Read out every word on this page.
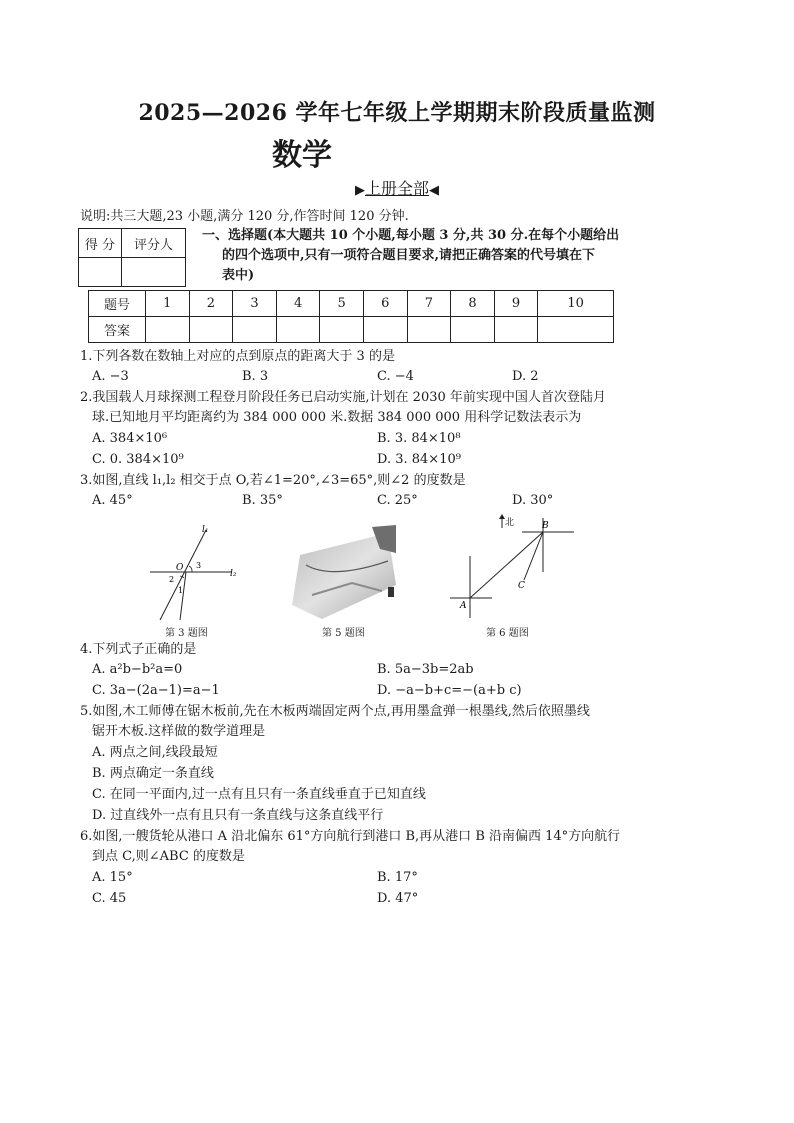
2025—2026 学年七年级上学期期末阶段质量监测
数学
▶上册全部◀
说明:共三大题,23 小题,满分 120 分,作答时间 120 分钟.
得 分	评分人

一、选择题(本大题共 10 个小题,每小题 3 分,共 30 分.在每个小题给出
的四个选项中,只有一项符合题目要求,请把正确答案的代号填在下
表中)
题号	1	2	3	4	5	6	7	8	9	10
答案										
1.下列各数在数轴上对应的点到原点的距离大于 3 的是
A. −3	B. 3	C. −4	D. 2
2.我国载人月球探测工程登月阶段任务已启动实施,计划在 2030 年前实现中国人首次登陆月
球.已知地月平均距离约为 384 000 000 米.数据 384 000 000 用科学记数法表示为
A. 384×10⁶	B. 3. 84×10⁸
C. 0. 384×10⁹	D. 3. 84×10⁹
3.如图,直线 l₁,l₂ 相交于点 O,若∠1=20°,∠3=65°,则∠2 的度数是
A. 45°	B. 35°	C. 25°	D. 30°
l₁
l₂
O 3
2
1
第 3 题图	第 5 题图
北	B
C
A
第 6 题图
4.下列式子正确的是
A. a²b−b²a=0	B. 5a−3b=2ab
C. 3a−(2a−1)=a−1	D. −a−b+c=−(a+b c)
5.如图,木工师傅在锯木板前,先在木板两端固定两个点,再用墨盒弹一根墨线,然后依照墨线
锯开木板.这样做的数学道理是
A. 两点之间,线段最短
B. 两点确定一条直线
C. 在同一平面内,过一点有且只有一条直线垂直于已知直线
D. 过直线外一点有且只有一条直线与这条直线平行
6.如图,一艘货轮从港口 A 沿北偏东 61°方向航行到港口 B,再从港口 B 沿南偏西 14°方向航行
到点 C,则∠ABC 的度数是
A. 15°	B. 17°
C. 45	D. 47°
